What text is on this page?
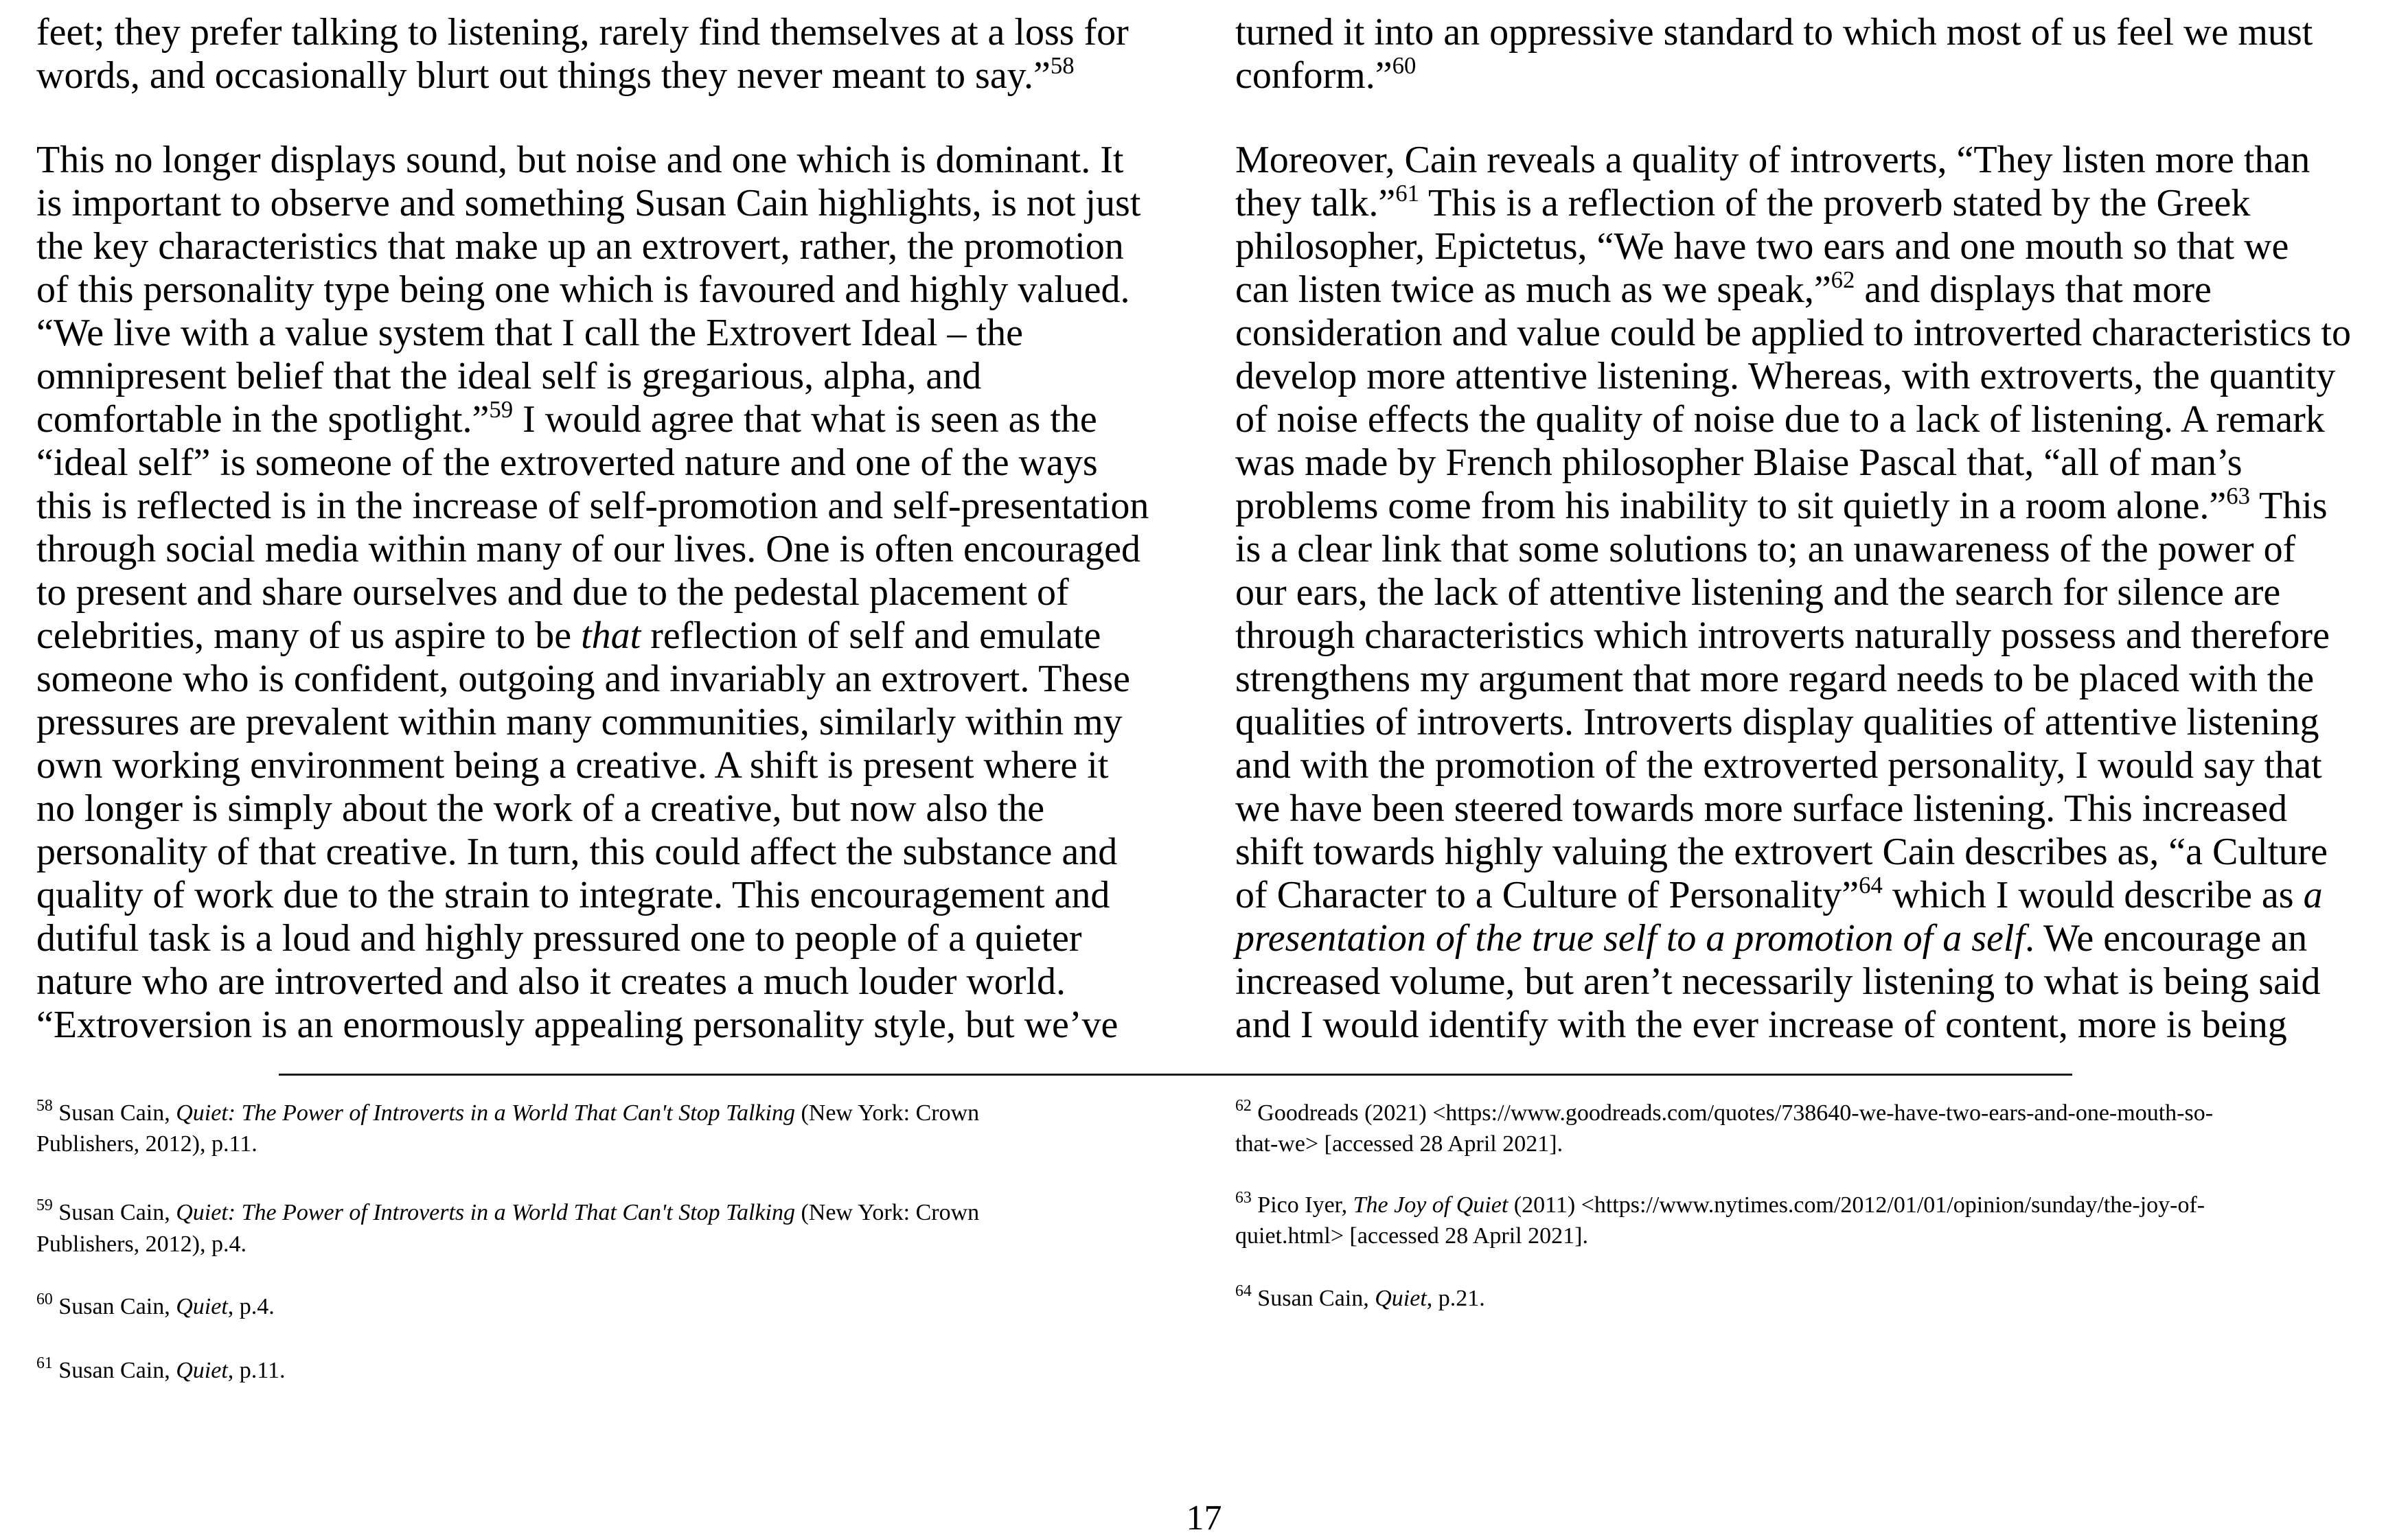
feet; they prefer talking to listening, rarely find themselves at a loss for
words, and occasionally blurt out things they never meant to say.”$^{58}$
This no longer displays sound, but noise and one which is dominant. It
is important to observe and something Susan Cain highlights, is not just
the key characteristics that make up an extrovert, rather, the promotion
of this personality type being one which is favoured and highly valued.
“We live with a value system that I call the Extrovert Ideal – the
omnipresent belief that the ideal self is gregarious, alpha, and
comfortable in the spotlight.”$^{59}$ I would agree that what is seen as the
“ideal self” is someone of the extroverted nature and one of the ways
this is reflected is in the increase of self-promotion and self-presentation
through social media within many of our lives. One is often encouraged
to present and share ourselves and due to the pedestal placement of
celebrities, many of us aspire to be that reflection of self and emulate
someone who is confident, outgoing and invariably an extrovert. These
pressures are prevalent within many communities, similarly within my
own working environment being a creative. A shift is present where it
no longer is simply about the work of a creative, but now also the
personality of that creative. In turn, this could affect the substance and
quality of work due to the strain to integrate. This encouragement and
dutiful task is a loud and highly pressured one to people of a quieter
nature who are introverted and also it creates a much louder world.
“Extroversion is an enormously appealing personality style, but we’ve
turned it into an oppressive standard to which most of us feel we must
conform.”$^{60}$
Moreover, Cain reveals a quality of introverts, “They listen more than
they talk.”$^{61}$ This is a reflection of the proverb stated by the Greek
philosopher, Epictetus, “We have two ears and one mouth so that we
can listen twice as much as we speak,”$^{62}$ and displays that more
consideration and value could be applied to introverted characteristics to
develop more attentive listening. Whereas, with extroverts, the quantity
of noise effects the quality of noise due to a lack of listening. A remark
was made by French philosopher Blaise Pascal that, “all of man’s
problems come from his inability to sit quietly in a room alone.”$^{63}$ This
is a clear link that some solutions to; an unawareness of the power of
our ears, the lack of attentive listening and the search for silence are
through characteristics which introverts naturally possess and therefore
strengthens my argument that more regard needs to be placed with the
qualities of introverts. Introverts display qualities of attentive listening
and with the promotion of the extroverted personality, I would say that
we have been steered towards more surface listening. This increased
shift towards highly valuing the extrovert Cain describes as, “a Culture
of Character to a Culture of Personality”$^{64}$ which I would describe as a
presentation of the true self to a promotion of a self. We encourage an
increased volume, but aren’t necessarily listening to what is being said
and I would identify with the ever increase of content, more is being
$^{58}$ Susan Cain, Quiet: The Power of Introverts in a World That Can't Stop Talking (New York: Crown
Publishers, 2012), p.11.
$^{59}$ Susan Cain, Quiet: The Power of Introverts in a World That Can't Stop Talking (New York: Crown
Publishers, 2012), p.4.
$^{60}$ Susan Cain, Quiet, p.4.
$^{61}$ Susan Cain, Quiet, p.11.
$^{62}$ Goodreads (2021) <https://www.goodreads.com/quotes/738640-we-have-two-ears-and-one-mouth-so-
that-we> [accessed 28 April 2021].
$^{63}$ Pico Iyer, The Joy of Quiet (2011) <https://www.nytimes.com/2012/01/01/opinion/sunday/the-joy-of-
quiet.html> [accessed 28 April 2021].
$^{64}$ Susan Cain, Quiet, p.21.
17
